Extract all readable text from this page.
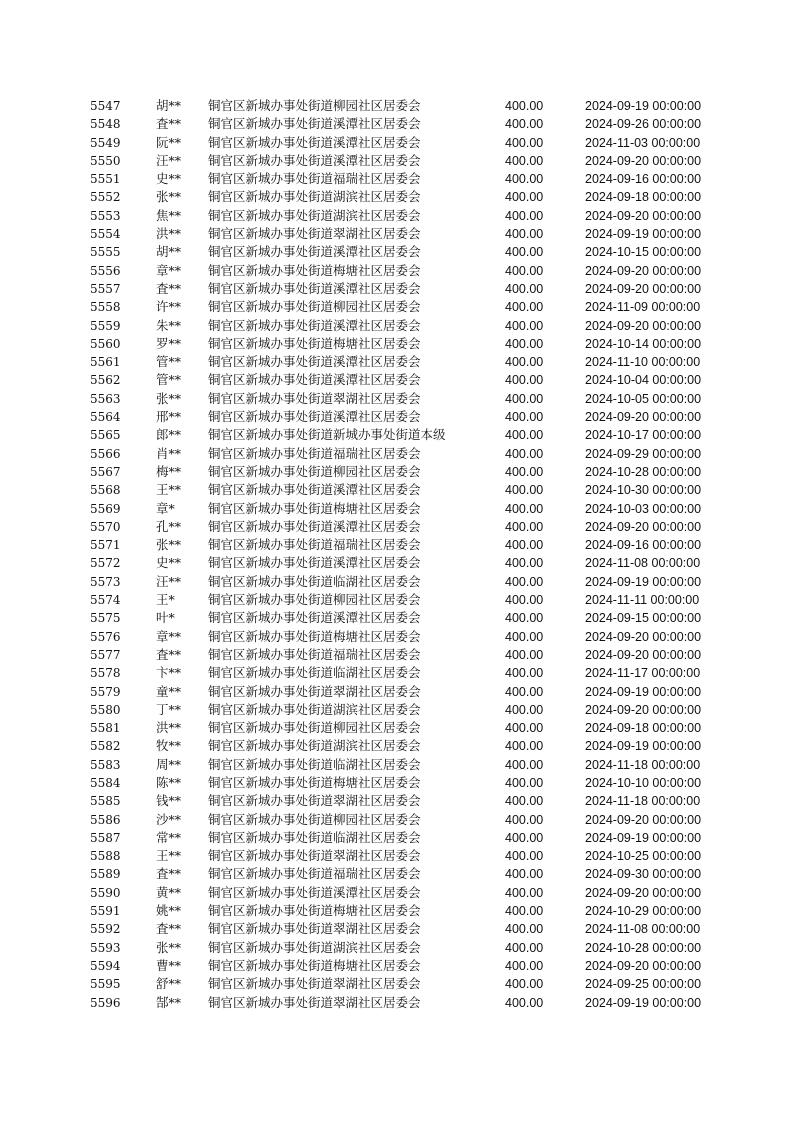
5547	胡** 铜官区新城办事处街道柳园社区居委会	400.00	2024-09-19 00:00:00
5548	査** 铜官区新城办事处街道溪潭社区居委会	400.00	2024-09-26 00:00:00
5549	阮** 铜官区新城办事处街道溪潭社区居委会	400.00	2024-11-03 00:00:00
5550	汪** 铜官区新城办事处街道溪潭社区居委会	400.00	2024-09-20 00:00:00
5551	史** 铜官区新城办事处街道福瑞社区居委会	400.00	2024-09-16 00:00:00
5552	张** 铜官区新城办事处街道湖滨社区居委会	400.00	2024-09-18 00:00:00
5553	焦** 铜官区新城办事处街道湖滨社区居委会	400.00	2024-09-20 00:00:00
5554	洪** 铜官区新城办事处街道翠湖社区居委会	400.00	2024-09-19 00:00:00
5555	胡** 铜官区新城办事处街道溪潭社区居委会	400.00	2024-10-15 00:00:00
5556	章** 铜官区新城办事处街道梅塘社区居委会	400.00	2024-09-20 00:00:00
5557	査** 铜官区新城办事处街道溪潭社区居委会	400.00	2024-09-20 00:00:00
5558	许** 铜官区新城办事处街道柳园社区居委会	400.00	2024-11-09 00:00:00
5559	朱** 铜官区新城办事处街道溪潭社区居委会	400.00	2024-09-20 00:00:00
5560	罗** 铜官区新城办事处街道梅塘社区居委会	400.00	2024-10-14 00:00:00
5561	管** 铜官区新城办事处街道溪潭社区居委会	400.00	2024-11-10 00:00:00
5562	管** 铜官区新城办事处街道溪潭社区居委会	400.00	2024-10-04 00:00:00
5563	张** 铜官区新城办事处街道翠湖社区居委会	400.00	2024-10-05 00:00:00
5564	邢** 铜官区新城办事处街道溪潭社区居委会	400.00	2024-09-20 00:00:00
5565	郎** 铜官区新城办事处街道新城办事处街道本级	400.00	2024-10-17 00:00:00
5566	肖** 铜官区新城办事处街道福瑞社区居委会	400.00	2024-09-29 00:00:00
5567	梅** 铜官区新城办事处街道柳园社区居委会	400.00	2024-10-28 00:00:00
5568	王** 铜官区新城办事处街道溪潭社区居委会	400.00	2024-10-30 00:00:00
5569	章*	铜官区新城办事处街道梅塘社区居委会	400.00	2024-10-03 00:00:00
5570	孔** 铜官区新城办事处街道溪潭社区居委会	400.00	2024-09-20 00:00:00
5571	张** 铜官区新城办事处街道福瑞社区居委会	400.00	2024-09-16 00:00:00
5572	史** 铜官区新城办事处街道溪潭社区居委会	400.00	2024-11-08 00:00:00
5573	汪** 铜官区新城办事处街道临湖社区居委会	400.00	2024-09-19 00:00:00
5574	王*	铜官区新城办事处街道柳园社区居委会	400.00	2024-11-11 00:00:00
5575	叶*	铜官区新城办事处街道溪潭社区居委会	400.00	2024-09-15 00:00:00
5576	章** 铜官区新城办事处街道梅塘社区居委会	400.00	2024-09-20 00:00:00
5577	査** 铜官区新城办事处街道福瑞社区居委会	400.00	2024-09-20 00:00:00
5578	卞** 铜官区新城办事处街道临湖社区居委会	400.00	2024-11-17 00:00:00
5579	童** 铜官区新城办事处街道翠湖社区居委会	400.00	2024-09-19 00:00:00
5580	丁** 铜官区新城办事处街道湖滨社区居委会	400.00	2024-09-20 00:00:00
5581	洪** 铜官区新城办事处街道柳园社区居委会	400.00	2024-09-18 00:00:00
5582	牧** 铜官区新城办事处街道湖滨社区居委会	400.00	2024-09-19 00:00:00
5583	周** 铜官区新城办事处街道临湖社区居委会	400.00	2024-11-18 00:00:00
5584	陈** 铜官区新城办事处街道梅塘社区居委会	400.00	2024-10-10 00:00:00
5585	钱** 铜官区新城办事处街道翠湖社区居委会	400.00	2024-11-18 00:00:00
5586	沙** 铜官区新城办事处街道柳园社区居委会	400.00	2024-09-20 00:00:00
5587	常** 铜官区新城办事处街道临湖社区居委会	400.00	2024-09-19 00:00:00
5588	王** 铜官区新城办事处街道翠湖社区居委会	400.00	2024-10-25 00:00:00
5589	査** 铜官区新城办事处街道福瑞社区居委会	400.00	2024-09-30 00:00:00
5590	黄** 铜官区新城办事处街道溪潭社区居委会	400.00	2024-09-20 00:00:00
5591	姚** 铜官区新城办事处街道梅塘社区居委会	400.00	2024-10-29 00:00:00
5592	査** 铜官区新城办事处街道翠湖社区居委会	400.00	2024-11-08 00:00:00
5593	张** 铜官区新城办事处街道湖滨社区居委会	400.00	2024-10-28 00:00:00
5594	曹** 铜官区新城办事处街道梅塘社区居委会	400.00	2024-09-20 00:00:00
5595	舒** 铜官区新城办事处街道翠湖社区居委会	400.00	2024-09-25 00:00:00
5596	郜** 铜官区新城办事处街道翠湖社区居委会	400.00	2024-09-19 00:00:00
